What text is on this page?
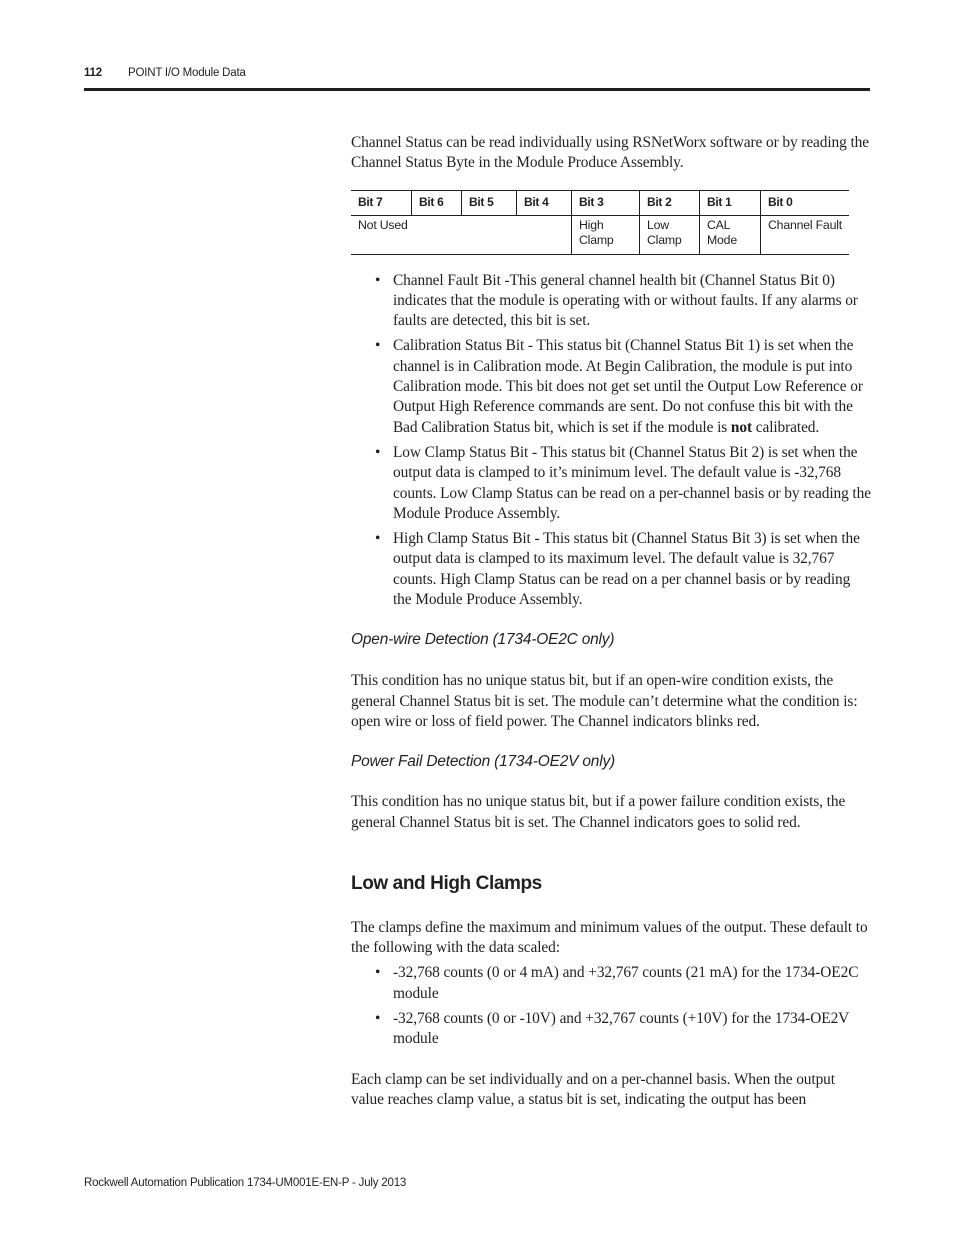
112 POINT I/O Module Data

Channel Status can be read individually using RSNetWorx software or by reading the Channel Status Byte in the Module Produce Assembly.

Bit 7	Bit 6	Bit 5	Bit 4	Bit 3	Bit 2	Bit 1	Bit 0
Not Used				High Clamp	Low Clamp	CAL Mode	Channel Fault
• Channel Fault Bit -This general channel health bit (Channel Status Bit 0) indicates that the module is operating with or without faults. If any alarms or faults are detected, this bit is set.
• Calibration Status Bit - This status bit (Channel Status Bit 1) is set when the channel is in Calibration mode. At Begin Calibration, the module is put into Calibration mode. This bit does not get set until the Output Low Reference or Output High Reference commands are sent. Do not confuse this bit with the Bad Calibration Status bit, which is set if the module is not calibrated.
• Low Clamp Status Bit - This status bit (Channel Status Bit 2) is set when the output data is clamped to it’s minimum level. The default value is -32,768 counts. Low Clamp Status can be read on a per-channel basis or by reading the Module Produce Assembly.
• High Clamp Status Bit - This status bit (Channel Status Bit 3) is set when the output data is clamped to its maximum level. The default value is 32,767 counts. High Clamp Status can be read on a per channel basis or by reading the Module Produce Assembly.

Open-wire Detection (1734-OE2C only)

This condition has no unique status bit, but if an open-wire condition exists, the general Channel Status bit is set. The module can’t determine what the condition is: open wire or loss of field power. The Channel indicators blinks red.

Power Fail Detection (1734-OE2V only)

This condition has no unique status bit, but if a power failure condition exists, the general Channel Status bit is set. The Channel indicators goes to solid red.

Low and High Clamps

The clamps define the maximum and minimum values of the output. These default to the following with the data scaled:

• -32,768 counts (0 or 4 mA) and +32,767 counts (21 mA) for the 1734-OE2C module
• -32,768 counts (0 or -10V) and +32,767 counts (+10V) for the 1734-OE2V module

Each clamp can be set individually and on a per-channel basis. When the output value reaches clamp value, a status bit is set, indicating the output has been

Rockwell Automation Publication 1734-UM001E-EN-P - July 2013
